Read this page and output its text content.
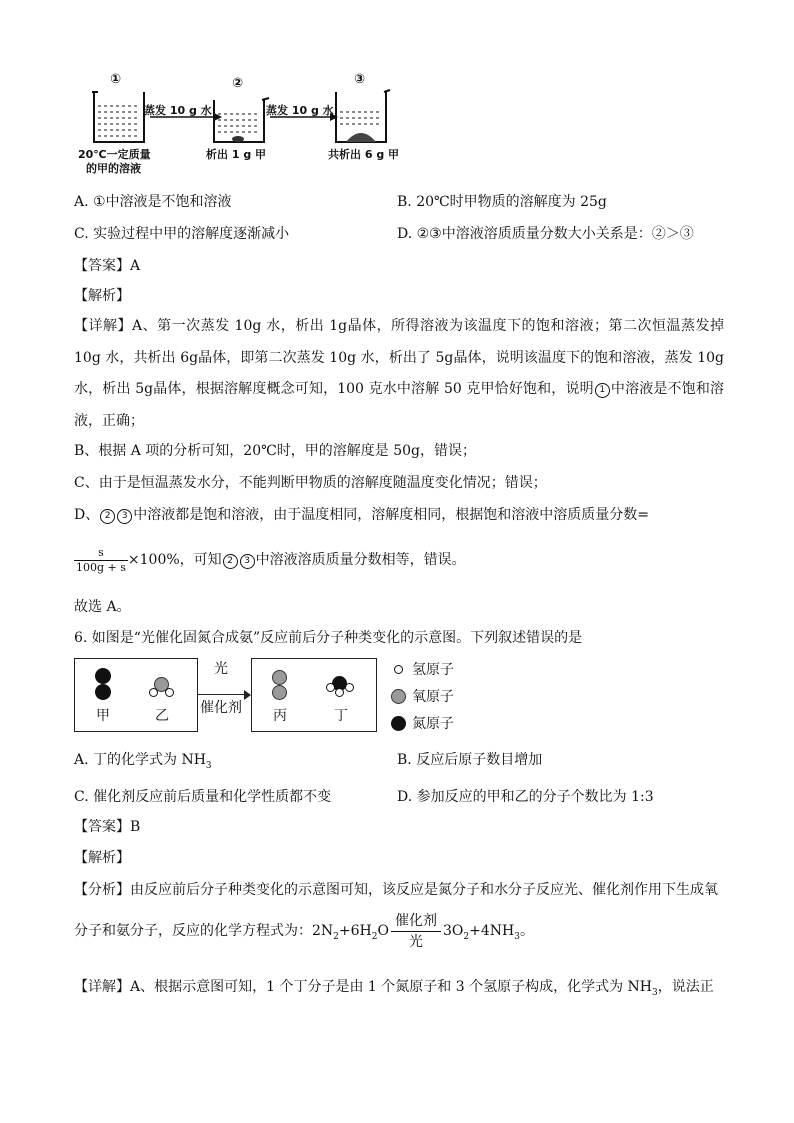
①	②	③
蒸发 10 g 水	蒸发 10 g 水
20℃一定质量
的甲的溶液
析出 1 g 甲	共析出 6 g 甲
A. ①中溶液是不饱和溶液	B. 20℃时甲物质的溶解度为 25g
C. 实验过程中甲的溶解度逐渐减小	D. ②③中溶液溶质质量分数大小关系是：②＞③
【答案】A
【解析】
【详解】A、第一次蒸发 10g 水，析出 1g晶体，所得溶液为该温度下的饱和溶液；第二次恒温蒸发掉 10g 水，共析出 6g晶体，即第二次蒸发 10g 水，析出了 5g晶体，说明该温度下的饱和溶液，蒸发 10g 水，析出 5g晶体，根据溶解度概念可知，100 克水中溶解 50 克甲恰好饱和，说明 1 中溶液是不饱和溶液，正确；
B、根据 A 项的分析可知，20℃时，甲的溶解度是 50g，错误；
C、由于是恒温蒸发水分，不能判断甲物质的溶解度随温度变化情况；错误；
D、 2 3 中溶液都是饱和溶液，由于温度相同，溶解度相同，根据饱和溶液中溶质质量分数=
$\frac{s}{100g + s} \times 100\%$，可知 2 3 中溶液溶质质量分数相等，错误。
故选 A。
6. 如图是“光催化固氮合成氨”反应前后分子种类变化的示意图。下列叙述错误的是
甲	乙
光
催化剂 丙	丁
氢原子
氧原子
氮原子
A. 丁的化学式为 $NH_3$	B. 反应后原子数目增加
C. 催化剂反应前后质量和化学性质都不变	D. 参加反应的甲和乙的分子个数比为 1:3
【答案】B
【解析】
【分析】由反应前后分子种类变化的示意图可知，该反应是氮分子和水分子反应光、催化剂作用下生成氧
分子和氨分子，反应的化学方程式为：$2N_2+6H_2O \frac{\text{催化剂}}{\text{光}} 3O_2+4NH_3$。
【详解】A、根据示意图可知，1 个丁分子是由 1 个氮原子和 3 个氢原子构成，化学式为 $NH_3$，说法正
